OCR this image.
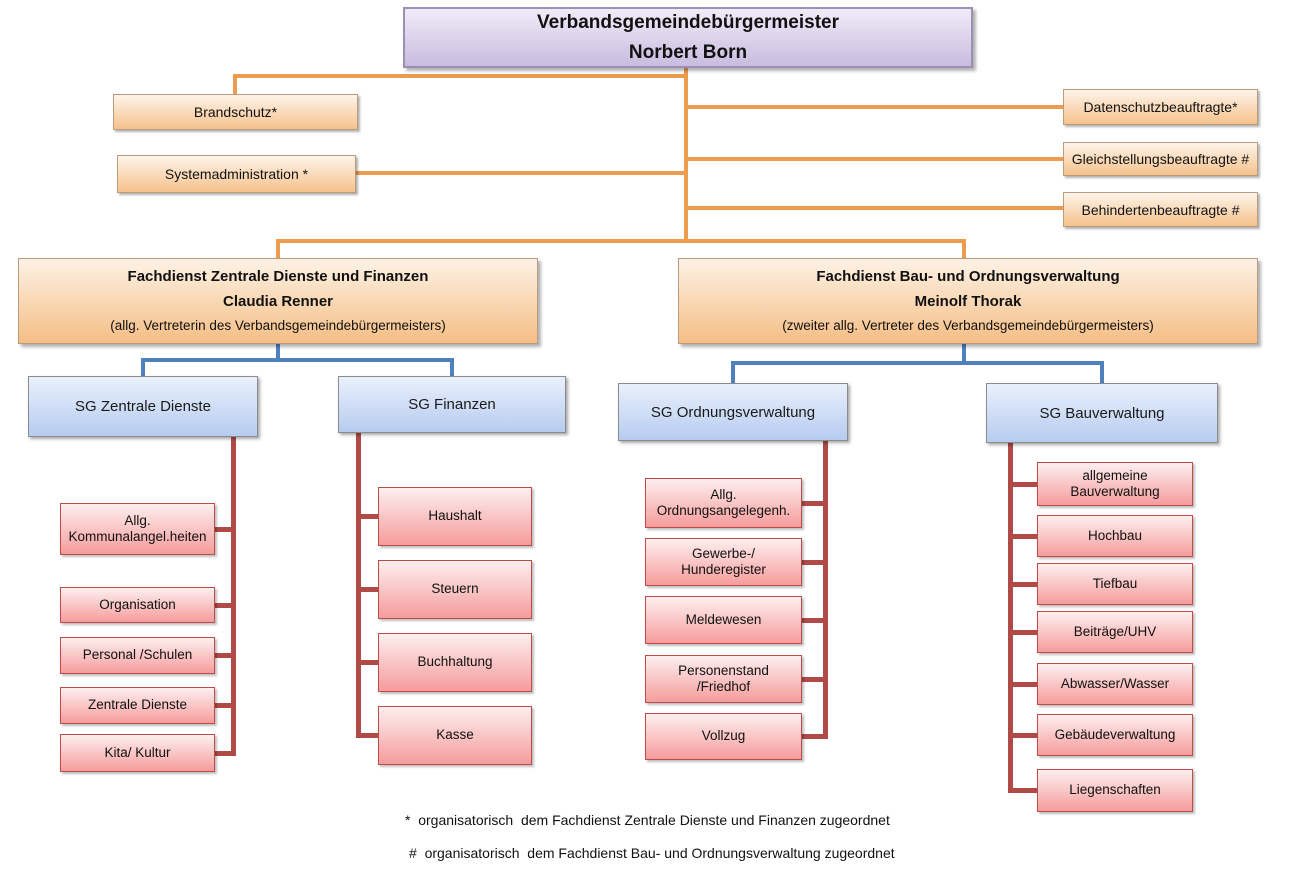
Verbandsgemeindebürgermeister
Norbert Born
Brandschutz*
Systemadministration *
Datenschutzbeauftragte*
Gleichstellungsbeauftragte #
Behindertenbeauftragte #
Fachdienst Zentrale Dienste und Finanzen
Claudia Renner
(allg. Vertreterin des Verbandsgemeindebürgermeisters)
Fachdienst Bau- und Ordnungsverwaltung
Meinolf Thorak
(zweiter allg. Vertreter des Verbandsgemeindebürgermeisters)
SG Zentrale Dienste	SG Finanzen	SG Ordnungsverwaltung	SG Bauverwaltung
Allg. Kommunalangel.heiten
Organisation
Personal /Schulen
Zentrale Dienste
Kita/ Kultur
Haushalt
Steuern
Buchhaltung
Kasse
Allg. Ordnungsangelegenh.
Gewerbe-/ Hunderegister
Meldewesen
Personenstand /Friedhof
Vollzug
allgemeine Bauverwaltung
Hochbau
Tiefbau
Beiträge/UHV
Abwasser/Wasser
Gebäudeverwaltung
Liegenschaften
*  organisatorisch  dem Fachdienst Zentrale Dienste und Finanzen zugeordnet
#  organisatorisch  dem Fachdienst Bau- und Ordnungsverwaltung zugeordnet
